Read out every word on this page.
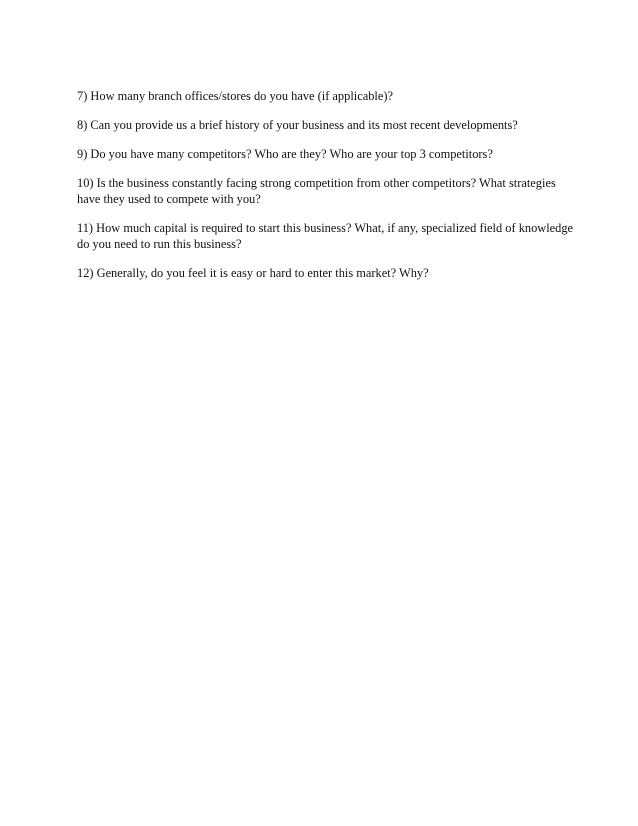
7) How many branch offices/stores do you have (if applicable)?

8) Can you provide us a brief history of your business and its most recent developments?

9) Do you have many competitors? Who are they? Who are your top 3 competitors?

10) Is the business constantly facing strong competition from other competitors? What strategies have they used to compete with you?

11) How much capital is required to start this business? What, if any, specialized field of knowledge do you need to run this business?

12) Generally, do you feel it is easy or hard to enter this market? Why?
